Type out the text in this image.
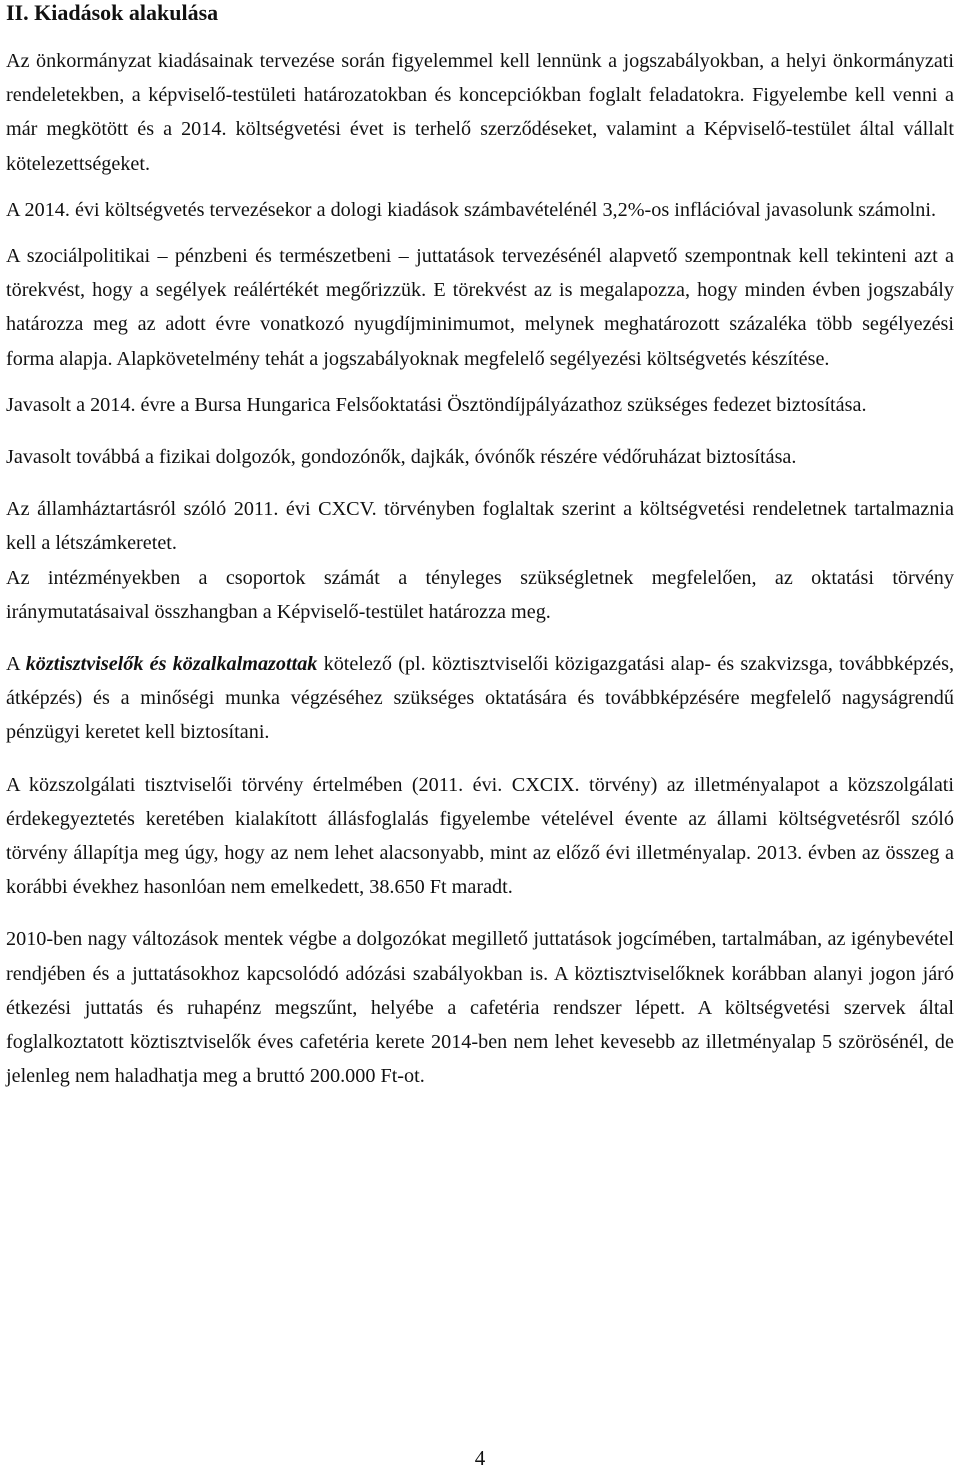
II. Kiadások alakulása

Az önkormányzat kiadásainak tervezése során figyelemmel kell lennünk a jogszabályokban, a helyi önkormányzati rendeletekben, a képviselő-testületi határozatokban és koncepciókban foglalt feladatokra. Figyelembe kell venni a már megkötött és a 2014. költségvetési évet is terhelő szerződéseket, valamint a Képviselő-testület által vállalt kötelezettségeket.

A 2014. évi költségvetés tervezésekor a dologi kiadások számbavételénél 3,2%-os inflációval javasolunk számolni.

A szociálpolitikai – pénzbeni és természetbeni – juttatások tervezésénél alapvető szempontnak kell tekinteni azt a törekvést, hogy a segélyek reálértékét megőrizzük. E törekvést az is megalapozza, hogy minden évben jogszabály határozza meg az adott évre vonatkozó nyugdíjminimumot, melynek meghatározott százaléka több segélyezési forma alapja. Alapkövetelmény tehát a jogszabályoknak megfelelő segélyezési költségvetés készítése.

Javasolt a 2014. évre a Bursa Hungarica Felsőoktatási Ösztöndíjpályázathoz szükséges fedezet biztosítása.

Javasolt továbbá a fizikai dolgozók, gondozónők, dajkák, óvónők részére védőruházat biztosítása.

Az államháztartásról szóló 2011. évi CXCV. törvényben foglaltak szerint a költségvetési rendeletnek tartalmaznia kell a létszámkeretet.

Az intézményekben a csoportok számát a tényleges szükségletnek megfelelően, az oktatási törvény iránymutatásaival összhangban a Képviselő-testület határozza meg.

A köztisztviselők és közalkalmazottak kötelező (pl. köztisztviselői közigazgatási alap- és szakvizsga, továbbképzés, átképzés) és a minőségi munka végzéséhez szükséges oktatására és továbbképzésére megfelelő nagyságrendű pénzügyi keretet kell biztosítani.

A közszolgálati tisztviselői törvény értelmében (2011. évi. CXCIX. törvény) az illetményalapot a közszolgálati érdekegyeztetés keretében kialakított állásfoglalás figyelembe vételével évente az állami költségvetésről szóló törvény állapítja meg úgy, hogy az nem lehet alacsonyabb, mint az előző évi illetményalap. 2013. évben az összeg a korábbi évekhez hasonlóan nem emelkedett, 38.650 Ft maradt.

2010-ben nagy változások mentek végbe a dolgozókat megillető juttatások jogcímében, tartalmában, az igénybevétel rendjében és a juttatásokhoz kapcsolódó adózási szabályokban is. A köztisztviselőknek korábban alanyi jogon járó étkezési juttatás és ruhapénz megszűnt, helyébe a cafetéria rendszer lépett. A költségvetési szervek által foglalkoztatott köztisztviselők éves cafetéria kerete 2014-ben nem lehet kevesebb az illetményalap 5 szörösénél, de jelenleg nem haladhatja meg a bruttó 200.000 Ft-ot.

4
